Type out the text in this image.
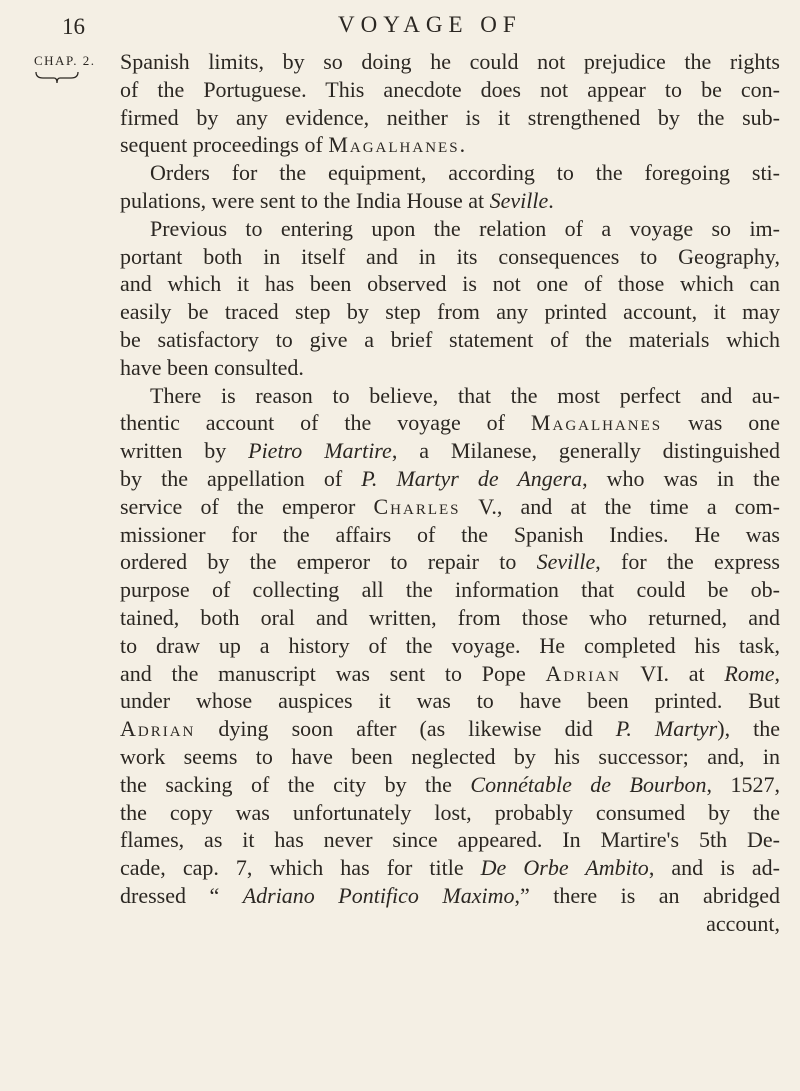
16	VOYAGE OF
CHAP. 2. Spanish limits, by so doing he could not prejudice the rights
of the Portuguese. This anecdote does not appear to be con-
firmed by any evidence, neither is it strengthened by the sub-
sequent proceedings of Magalhanes.
Orders for the equipment, according to the foregoing sti-
pulations, were sent to the India House at Seville.
Previous to entering upon the relation of a voyage so im-
portant both in itself and in its consequences to Geography,
and which it has been observed is not one of those which can
easily be traced step by step from any printed account, it may
be satisfactory to give a brief statement of the materials which
have been consulted.
There is reason to believe, that the most perfect and au-
thentic account of the voyage of Magalhanes was one
written by Pietro Martire, a Milanese, generally distinguished
by the appellation of P. Martyr de Angera, who was in the
service of the emperor Charles V., and at the time a com-
missioner for the affairs of the Spanish Indies. He was
ordered by the emperor to repair to Seville, for the express
purpose of collecting all the information that could be ob-
tained, both oral and written, from those who returned, and
to draw up a history of the voyage. He completed his task,
and the manuscript was sent to Pope Adrian VI. at Rome,
under whose auspices it was to have been printed. But
Adrian dying soon after (as likewise did P. Martyr), the
work seems to have been neglected by his successor; and, in
the sacking of the city by the Connétable de Bourbon, 1527,
the copy was unfortunately lost, probably consumed by the
flames, as it has never since appeared. In Martire's 5th De-
cade, cap. 7, which has for title De Orbe Ambito, and is ad-
dressed “ Adriano Pontifico Maximo,” there is an abridged
account,
